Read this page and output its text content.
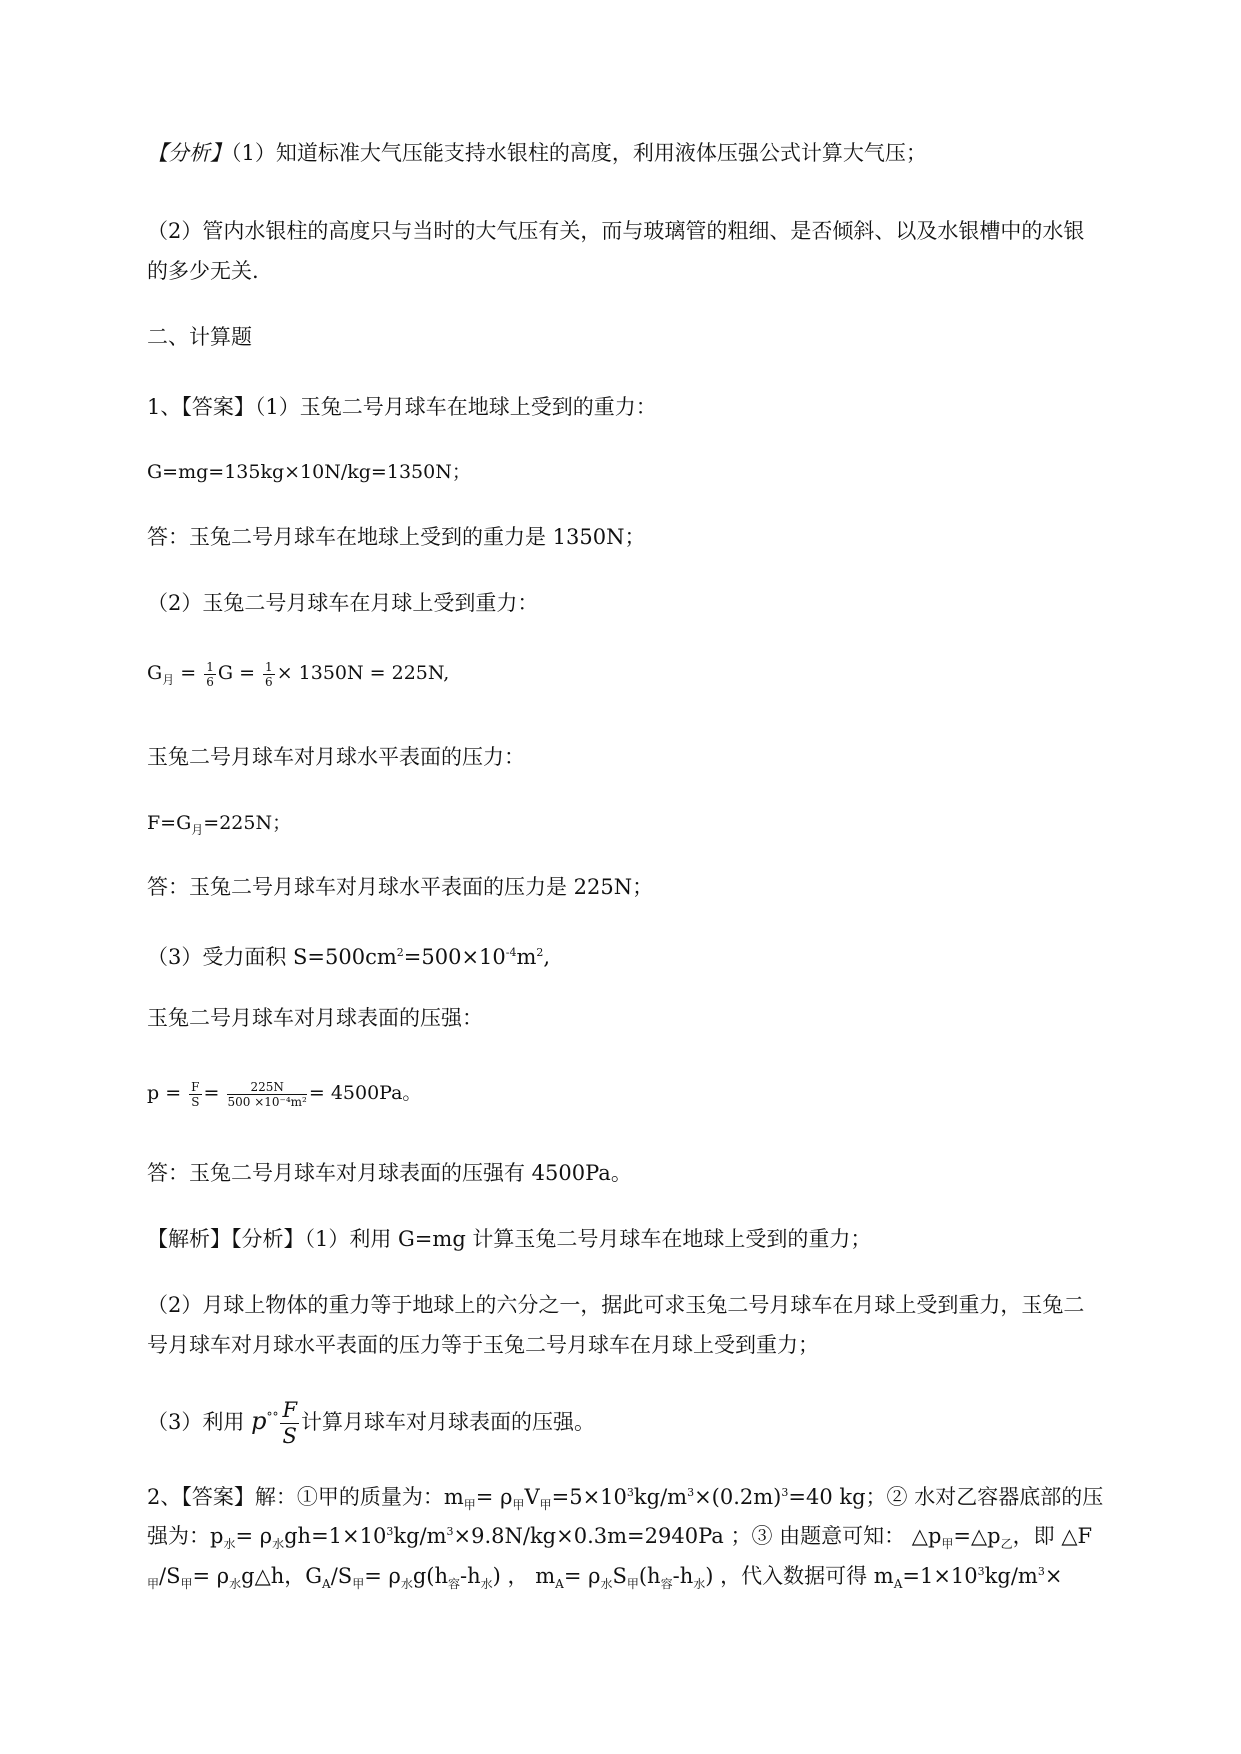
【分析】（1）知道标准大气压能支持水银柱的高度，利用液体压强公式计算大气压；
（2）管内水银柱的高度只与当时的大气压有关，而与玻璃管的粗细、是否倾斜、以及水银槽中的水银
的多少无关.
二、计算题
1、【答案】（1）玉兔二号月球车在地球上受到的重力：
G=mg=135kg×10N/kg=1350N；
答：玉兔二号月球车在地球上受到的重力是 1350N；
（2）玉兔二号月球车在月球上受到重力：
$G_月 = \frac{1}{6}$ $G = \frac{1}{6} \times 1350N = 225N$,
玉兔二号月球车对月球水平表面的压力：
$F=G_月=225N$；
答：玉兔二号月球车对月球水平表面的压力是 225N；
（3）受力面积 $S=500cm^2=500\times 10^{-4}m^2$,
玉兔二号月球车对月球表面的压强：
$p = \frac{F}{S} = \frac{225N}{\text{500 ×10⁻⁴m²}} = 4500Pa$。
答：玉兔二号月球车对月球表面的压强有 4500Pa。
【解析】【分析】（1）利用 G=mg 计算玉兔二号月球车在地球上受到的重力；
（2）月球上物体的重力等于地球上的六分之一，据此可求玉兔二号月球车在月球上受到重力，玉兔二
号月球车对月球水平表面的压力等于玉兔二号月球车在月球上受到重力；
（3）利用 $p^{^\circ^\circ} \frac{F}{S}$ 计算月球车对月球表面的压强。
2、【答案】解：①甲的质量为：$m_甲= \rho_甲V_甲=5\times 10^3kg/m^3\times(0.2m)^3=40$ kg；② 水对乙容器底部的压
强为：$p_水= \rho_水gh=1\times 10^3kg/m^3\times 9.8N/kg\times 0.3m=2940Pa$ ；③ 由题意可知： $\triangle p_甲=\triangle p_乙$，即 △F
$_甲/S_甲=$ $\rho_水g\triangle h$，$G_A/S_甲= \rho_水g(h_容-h_水)$ ， $m_A= \rho_水S_甲(h_容-h_水)$ ，代入数据可得 $m_A=1\times 10^3kg/m^3\times$
